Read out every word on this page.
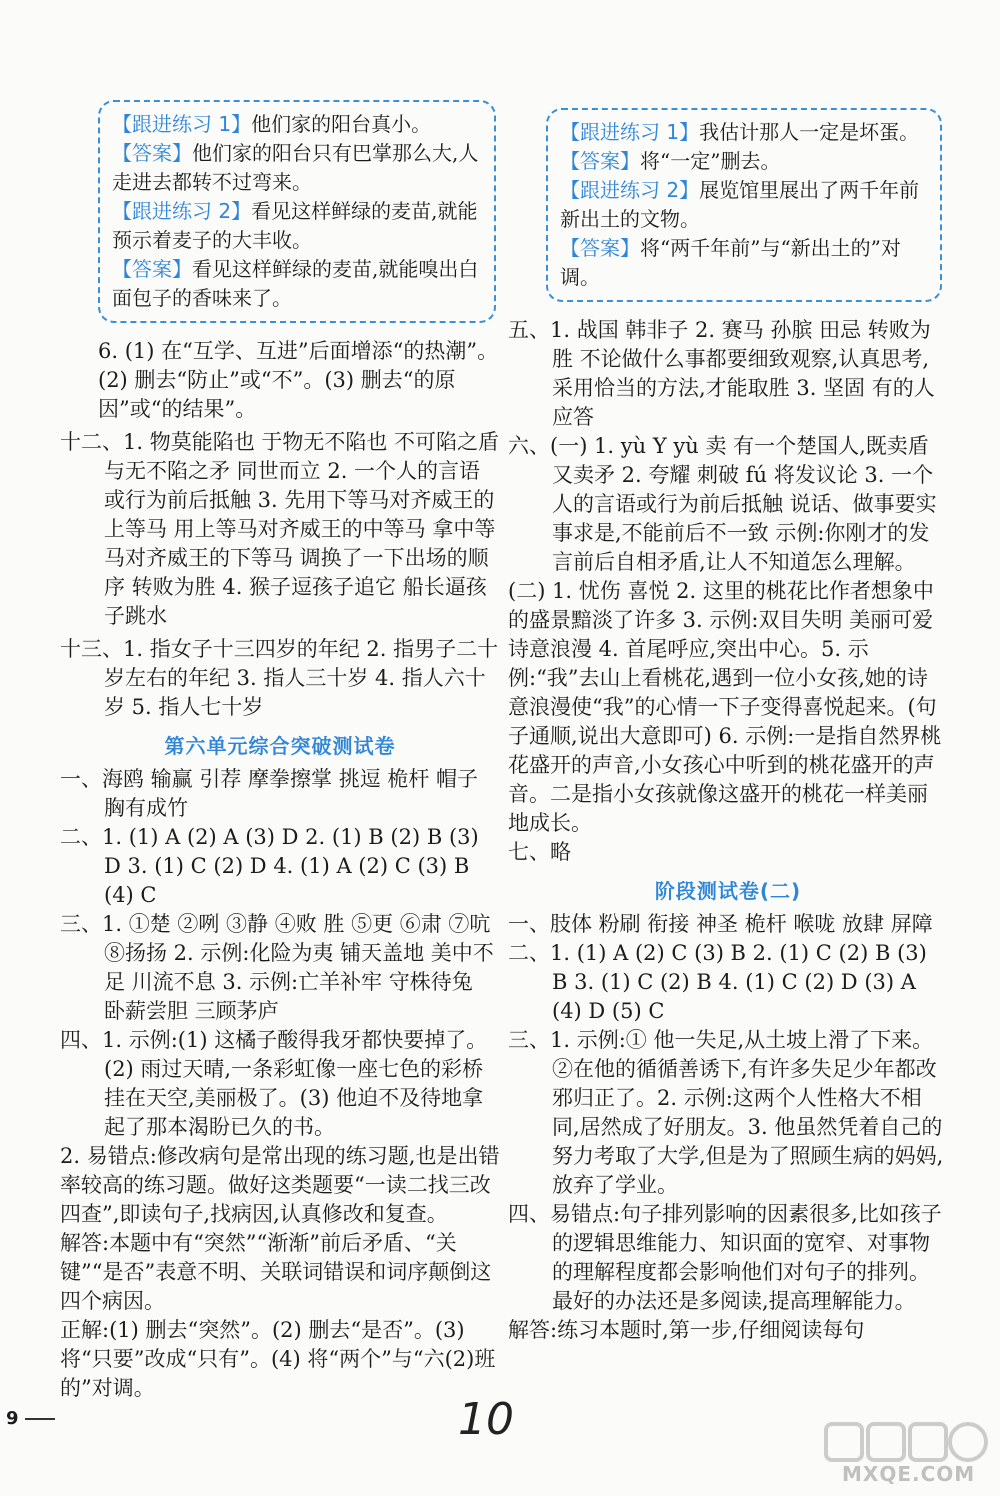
【跟进练习 1】他们家的阳台真小。
【答案】他们家的阳台只有巴掌那么大,人走进去都转不过弯来。
【跟进练习 2】看见这样鲜绿的麦苗,就能预示着麦子的大丰收。
【答案】看见这样鲜绿的麦苗,就能嗅出白面包子的香味来了。

6. (1) 在“互学、互进”后面增添“的热潮”。(2) 删去“防止”或“不”。(3) 删去“的原因”或“的结果”。

十二、1. 物莫能陷也 于物无不陷也 不可陷之盾与无不陷之矛 同世而立 2. 一个人的言语或行为前后抵触 3. 先用下等马对齐威王的上等马 用上等马对齐威王的中等马 拿中等马对齐威王的下等马 调换了一下出场的顺序 转败为胜 4. 猴子逗孩子追它 船长逼孩子跳水

十三、1. 指女子十三四岁的年纪 2. 指男子二十岁左右的年纪 3. 指人三十岁 4. 指人六十岁 5. 指人七十岁

第六单元综合突破测试卷

一、海鸥 输赢 引荐 摩拳擦掌 挑逗 桅杆 帽子 胸有成竹

二、1. (1) A (2) A (3) D 2. (1) B (2) B (3) D 3. (1) C (2) D 4. (1) A (2) C (3) B (4) C

三、1. ①楚 ②咧 ③静 ④败 胜 ⑤更 ⑥肃 ⑦吭 ⑧扬扬 2. 示例:化险为夷 铺天盖地 美中不足 川流不息 3. 示例:亡羊补牢 守株待兔 卧薪尝胆 三顾茅庐

四、1. 示例:(1) 这橘子酸得我牙都快要掉了。(2) 雨过天晴,一条彩虹像一座七色的彩桥挂在天空,美丽极了。(3) 他迫不及待地拿起了那本渴盼已久的书。

2. 易错点:修改病句是常出现的练习题,也是出错率较高的练习题。做好这类题要“一读二找三改四查”,即读句子,找病因,认真修改和复查。

解答:本题中有“突然”“渐渐”前后矛盾、“关键”“是否”表意不明、关联词错误和词序颠倒这四个病因。

正解:(1) 删去“突然”。(2) 删去“是否”。(3) 将“只要”改成“只有”。(4) 将“两个”与“六(2)班的”对调。

【跟进练习 1】我估计那人一定是坏蛋。
【答案】将“一定”删去。
【跟进练习 2】展览馆里展出了两千年前新出土的文物。
【答案】将“两千年前”与“新出土的”对调。

五、1. 战国 韩非子 2. 赛马 孙膑 田忌 转败为胜 不论做什么事都要细致观察,认真思考,采用恰当的方法,才能取胜 3. 坚固 有的人 应答

六、(一) 1. yù Y yù 卖 有一个楚国人,既卖盾又卖矛 2. 夸耀 刺破 fú 将发议论 3. 一个人的言语或行为前后抵触 说话、做事要实事求是,不能前后不一致 示例:你刚才的发言前后自相矛盾,让人不知道怎么理解。

(二) 1. 忧伤 喜悦 2. 这里的桃花比作者想象中的盛景黯淡了许多 3. 示例:双目失明 美丽可爱 诗意浪漫 4. 首尾呼应,突出中心。5. 示例:“我”去山上看桃花,遇到一位小女孩,她的诗意浪漫使“我”的心情一下子变得喜悦起来。(句子通顺,说出大意即可) 6. 示例:一是指自然界桃花盛开的声音,小女孩心中听到的桃花盛开的声音。二是指小女孩就像这盛开的桃花一样美丽地成长。

七、略

阶段测试卷(二)

一、肢体 粉刷 衔接 神圣 桅杆 喉咙 放肆 屏障

二、1. (1) A (2) C (3) B 2. (1) C (2) B (3) B 3. (1) C (2) B 4. (1) C (2) D (3) A (4) D (5) C

三、1. 示例:① 他一失足,从土坡上滑了下来。②在他的循循善诱下,有许多失足少年都改邪归正了。2. 示例:这两个人性格大不相同,居然成了好朋友。3. 他虽然凭着自己的努力考取了大学,但是为了照顾生病的妈妈,放弃了学业。

四、易错点:句子排列影响的因素很多,比如孩子的逻辑思维能力、知识面的宽窄、对事物的理解程度都会影响他们对句子的排列。最好的办法还是多阅读,提高理解能力。

解答:练习本题时,第一步,仔细阅读每句

9	10
MXQE.COM
